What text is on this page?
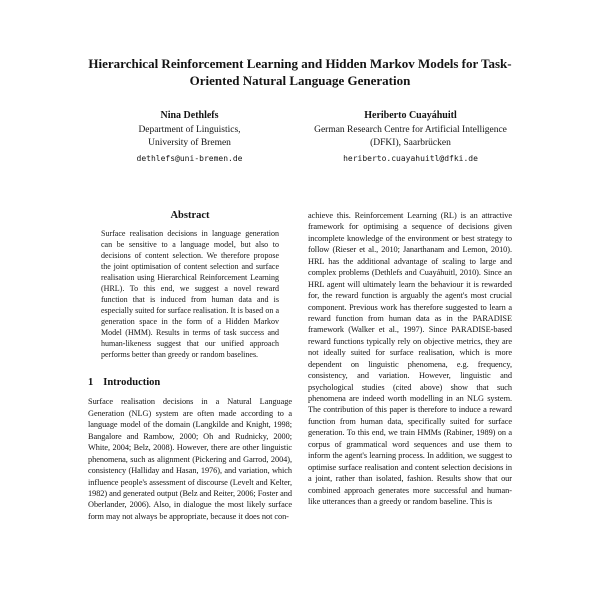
Hierarchical Reinforcement Learning and Hidden Markov Models for Task-Oriented Natural Language Generation
Nina Dethlefs
Department of Linguistics,
University of Bremen
dethlefs@uni-bremen.de
Heriberto Cuayáhuitl
German Research Centre for Artificial Intelligence
(DFKI), Saarbrücken
heriberto.cuayahuitl@dfki.de
Abstract

Surface realisation decisions in language generation can be sensitive to a language model, but also to decisions of content selection. We therefore propose the joint optimisation of content selection and surface realisation using Hierarchical Reinforcement Learning (HRL). To this end, we suggest a novel reward function that is induced from human data and is especially suited for surface realisation. It is based on a generation space in the form of a Hidden Markov Model (HMM). Results in terms of task success and human-likeness suggest that our unified approach performs better than greedy or random baselines.

1 Introduction

Surface realisation decisions in a Natural Language Generation (NLG) system are often made according to a language model of the domain (Langkilde and Knight, 1998; Bangalore and Rambow, 2000; Oh and Rudnicky, 2000; White, 2004; Belz, 2008). However, there are other linguistic phenomena, such as alignment (Pickering and Garrod, 2004), consistency (Halliday and Hasan, 1976), and variation, which influence people's assessment of discourse (Levelt and Kelter, 1982) and generated output (Belz and Reiter, 2006; Foster and Oberlander, 2006). Also, in dialogue the most likely surface form may not always be appropriate, because it does not con-

achieve this. Reinforcement Learning (RL) is an attractive framework for optimising a sequence of decisions given incomplete knowledge of the environment or best strategy to follow (Rieser et al., 2010; Janarthanam and Lemon, 2010). HRL has the additional advantage of scaling to large and complex problems (Dethlefs and Cuayáhuitl, 2010). Since an HRL agent will ultimately learn the behaviour it is rewarded for, the reward function is arguably the agent's most crucial component. Previous work has therefore suggested to learn a reward function from human data as in the PARADISE framework (Walker et al., 1997). Since PARADISE-based reward functions typically rely on objective metrics, they are not ideally suited for surface realisation, which is more dependent on linguistic phenomena, e.g. frequency, consistency, and variation. However, linguistic and psychological studies (cited above) show that such phenomena are indeed worth modelling in an NLG system. The contribution of this paper is therefore to induce a reward function from human data, specifically suited for surface generation. To this end, we train HMMs (Rabiner, 1989) on a corpus of grammatical word sequences and use them to inform the agent's learning process. In addition, we suggest to optimise surface realisation and content selection decisions in a joint, rather than isolated, fashion. Results show that our combined approach generates more successful and human-like utterances than a greedy or random baseline. This is
